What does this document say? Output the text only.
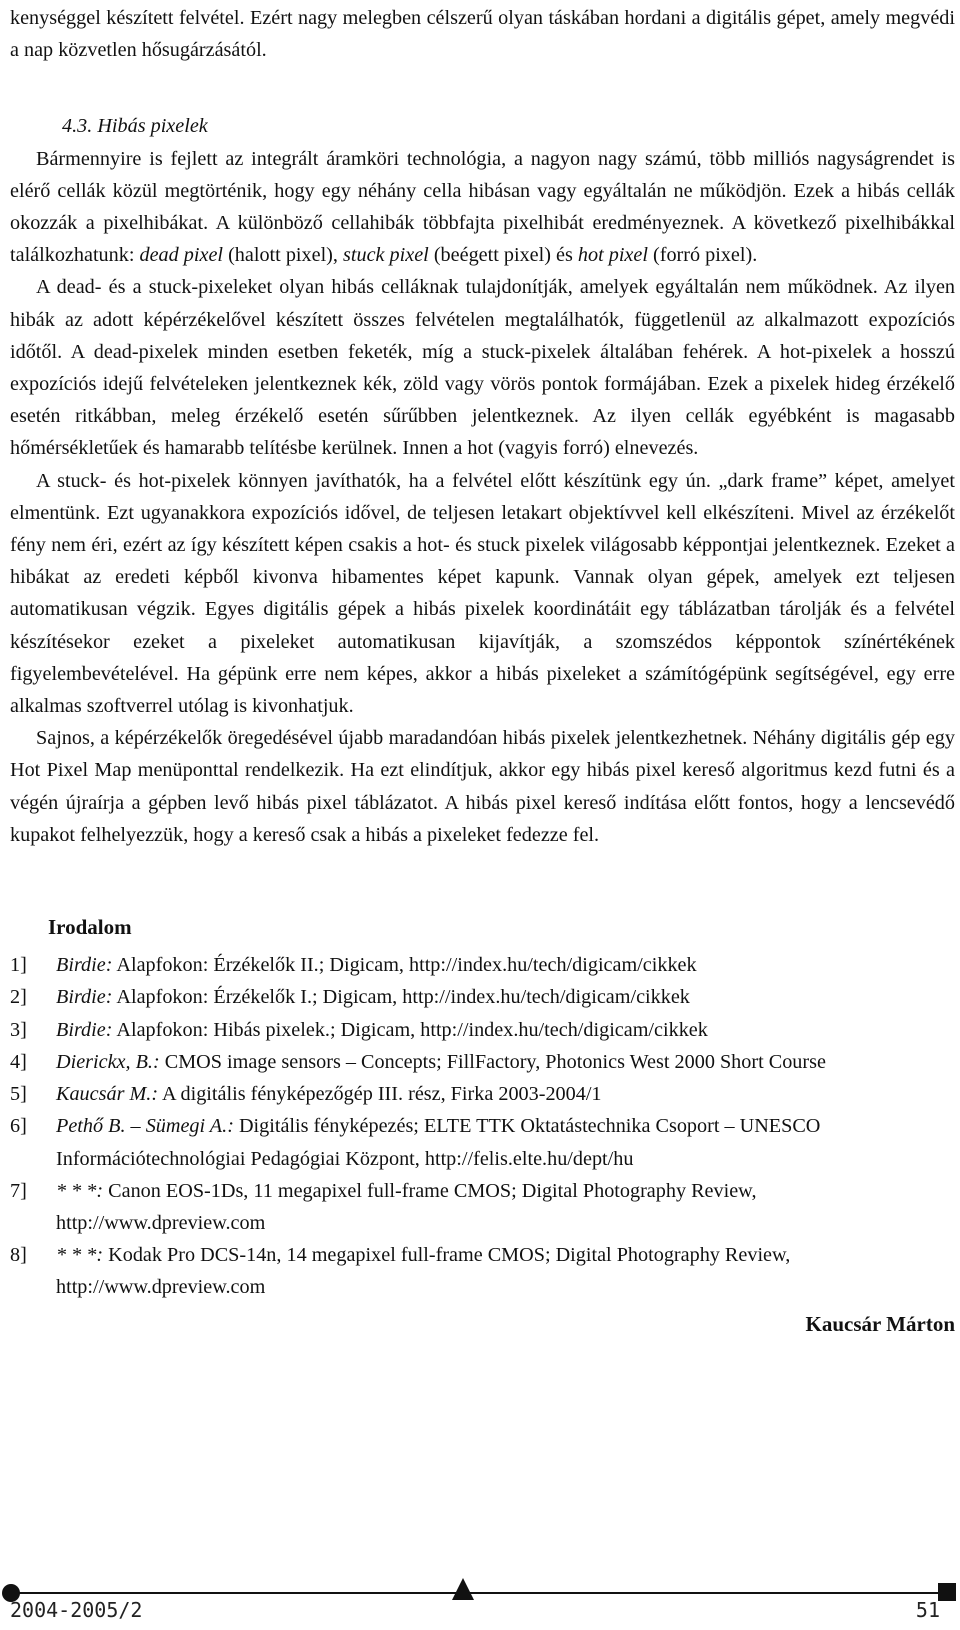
kenységgel készített felvétel. Ezért nagy melegben célszerű olyan táskában hordani a digitális gépet, amely megvédi a nap közvetlen hősugárzásától.

4.3. Hibás pixelek

Bármennyire is fejlett az integrált áramköri technológia, a nagyon nagy számú, több milliós nagyságrendet is elérő cellák közül megtörténik, hogy egy néhány cella hibásan vagy egyáltalán ne működjön. Ezek a hibás cellák okozzák a pixelhibákat. A különböző cellahibák többfajta pixelhibát eredményeznek. A következő pixelhibákkal találkozhatunk: dead pixel (halott pixel), stuck pixel (beégett pixel) és hot pixel (forró pixel).

A dead- és a stuck-pixeleket olyan hibás celláknak tulajdonítják, amelyek egyáltalán nem működnek. Az ilyen hibák az adott képérzékelővel készített összes felvételen megtalálhatók, függetlenül az alkalmazott expozíciós időtől. A dead-pixelek minden esetben feketék, míg a stuck-pixelek általában fehérek. A hot-pixelek a hosszú expozíciós idejű felvételeken jelentkeznek kék, zöld vagy vörös pontok formájában. Ezek a pixelek hideg érzékelő esetén ritkábban, meleg érzékelő esetén sűrűbben jelentkeznek. Az ilyen cellák egyébként is magasabb hőmérsékletűek és hamarabb telítésbe kerülnek. Innen a hot (vagyis forró) elnevezés.

A stuck- és hot-pixelek könnyen javíthatók, ha a felvétel előtt készítünk egy ún. „dark frame” képet, amelyet elmentünk. Ezt ugyanakkora expozíciós idővel, de teljesen letakart objektívvel kell elkészíteni. Mivel az érzékelőt fény nem éri, ezért az így készített képen csakis a hot- és stuck pixelek világosabb képpontjai jelentkeznek. Ezeket a hibákat az eredeti képből kivonva hibamentes képet kapunk. Vannak olyan gépek, amelyek ezt teljesen automatikusan végzik. Egyes digitális gépek a hibás pixelek koordinátáit egy táblázatban tárolják és a felvétel készítésekor ezeket a pixeleket automatikusan kijavítják, a szomszédos képpontok színértékének figyelembevételével. Ha gépünk erre nem képes, akkor a hibás pixeleket a számítógépünk segítségével, egy erre alkalmas szoftverrel utólag is kivonhatjuk.

Sajnos, a képérzékelők öregedésével újabb maradandóan hibás pixelek jelentkezhetnek. Néhány digitális gép egy Hot Pixel Map menüponttal rendelkezik. Ha ezt elindítjuk, akkor egy hibás pixel kereső algoritmus kezd futni és a végén újraírja a gépben levő hibás pixel táblázatot. A hibás pixel kereső indítása előtt fontos, hogy a lencsevédő kupakot felhelyezzük, hogy a kereső csak a hibás a pixeleket fedezze fel.

Irodalom
1]	Birdie: Alapfokon: Érzékelők II.; Digicam, http://index.hu/tech/digicam/cikkek
2]	Birdie: Alapfokon: Érzékelők I.; Digicam, http://index.hu/tech/digicam/cikkek
3]	Birdie: Alapfokon: Hibás pixelek.; Digicam, http://index.hu/tech/digicam/cikkek
4]	Dierickx, B.: CMOS image sensors – Concepts; FillFactory, Photonics West 2000 Short Course
5]	Kaucsár M.: A digitális fényképezőgép III. rész, Firka 2003-2004/1
6]	Pethő B. – Sümegi A.: Digitális fényképezés; ELTE TTK Oktatástechnika Csoport – UNESCO Információtechnológiai Pedagógiai Központ, http://felis.elte.hu/dept/hu
7]	* * *: Canon EOS-1Ds, 11 megapixel full-frame CMOS; Digital Photography Review, http://www.dpreview.com
8]	* * *: Kodak Pro DCS-14n, 14 megapixel full-frame CMOS; Digital Photography Review, http://www.dpreview.com
Kaucsár Márton
2004-2005/2	51
